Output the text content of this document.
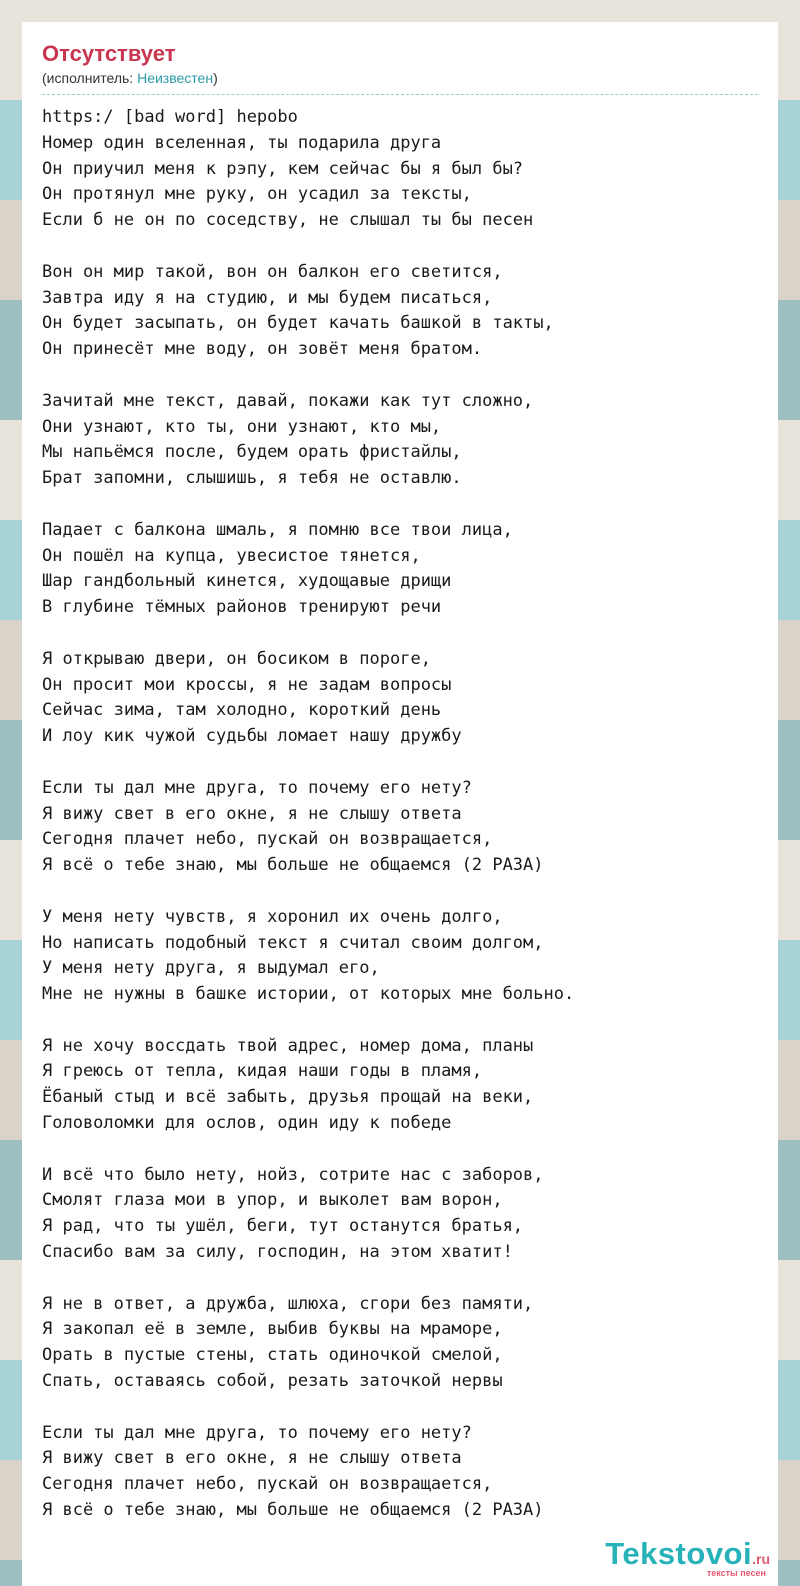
Отсутствует
(исполнитель: Неизвестен)
https:/ [bad word] hepobo
Номер один вселенная, ты подарила друга
Он приучил меня к рэпу, кем сейчас бы я был бы?
Он протянул мне руку, он усадил за тексты,
Если б не он по соседству, не слышал ты бы песен

Вон он мир такой, вон он балкон его светится,
Завтра иду я на студию, и мы будем писаться,
Он будет засыпать, он будет качать башкой в такты,
Он принесёт мне воду, он зовёт меня братом.

Зачитай мне текст, давай, покажи как тут сложно,
Они узнают, кто ты, они узнают, кто мы,
Мы напьёмся после, будем орать фристайлы,
Брат запомни, слышишь, я тебя не оставлю.

Падает с балкона шмаль, я помню все твои лица,
Он пошёл на купца, увесистое тянется,
Шар гандбольный кинется, худощавые дрищи
В глубине тёмных районов тренируют речи

Я открываю двери, он босиком в пороге,
Он просит мои кроссы, я не задам вопросы
Сейчас зима, там холодно, короткий день
И лоу кик чужой судьбы ломает нашу дружбу

Если ты дал мне друга, то почему его нету?
Я вижу свет в его окне, я не слышу ответа
Сегодня плачет небо, пускай он возвращается,
Я всё о тебе знаю, мы больше не общаемся (2 РАЗА)

У меня нету чувств, я хоронил их очень долго,
Но написать подобный текст я считал своим долгом,
У меня нету друга, я выдумал его,
Мне не нужны в башке истории, от которых мне больно.

Я не хочу воссдать твой адрес, номер дома, планы
Я греюсь от тепла, кидая наши годы в пламя,
Ёбаный стыд и всё забыть, друзья прощай на веки,
Головоломки для ослов, один иду к победе

И всё что было нету, нойз, сотрите нас с заборов,
Смолят глаза мои в упор, и выколет вам ворон,
Я рад, что ты ушёл, беги, тут останутся братья,
Спасибо вам за силу, господин, на этом хватит!

Я не в ответ, а дружба, шлюха, сгори без памяти,
Я закопал её в земле, выбив буквы на мраморе,
Орать в пустые стены, стать одиночкой смелой,
Спать, оставаясь собой, резать заточкой нервы

Если ты дал мне друга, то почему его нету?
Я вижу свет в его окне, я не слышу ответа
Сегодня плачет небо, пускай он возвращается,
Я всё о тебе знаю, мы больше не общаемся (2 РАЗА)
Tekstovoi.ru
тексты песен
